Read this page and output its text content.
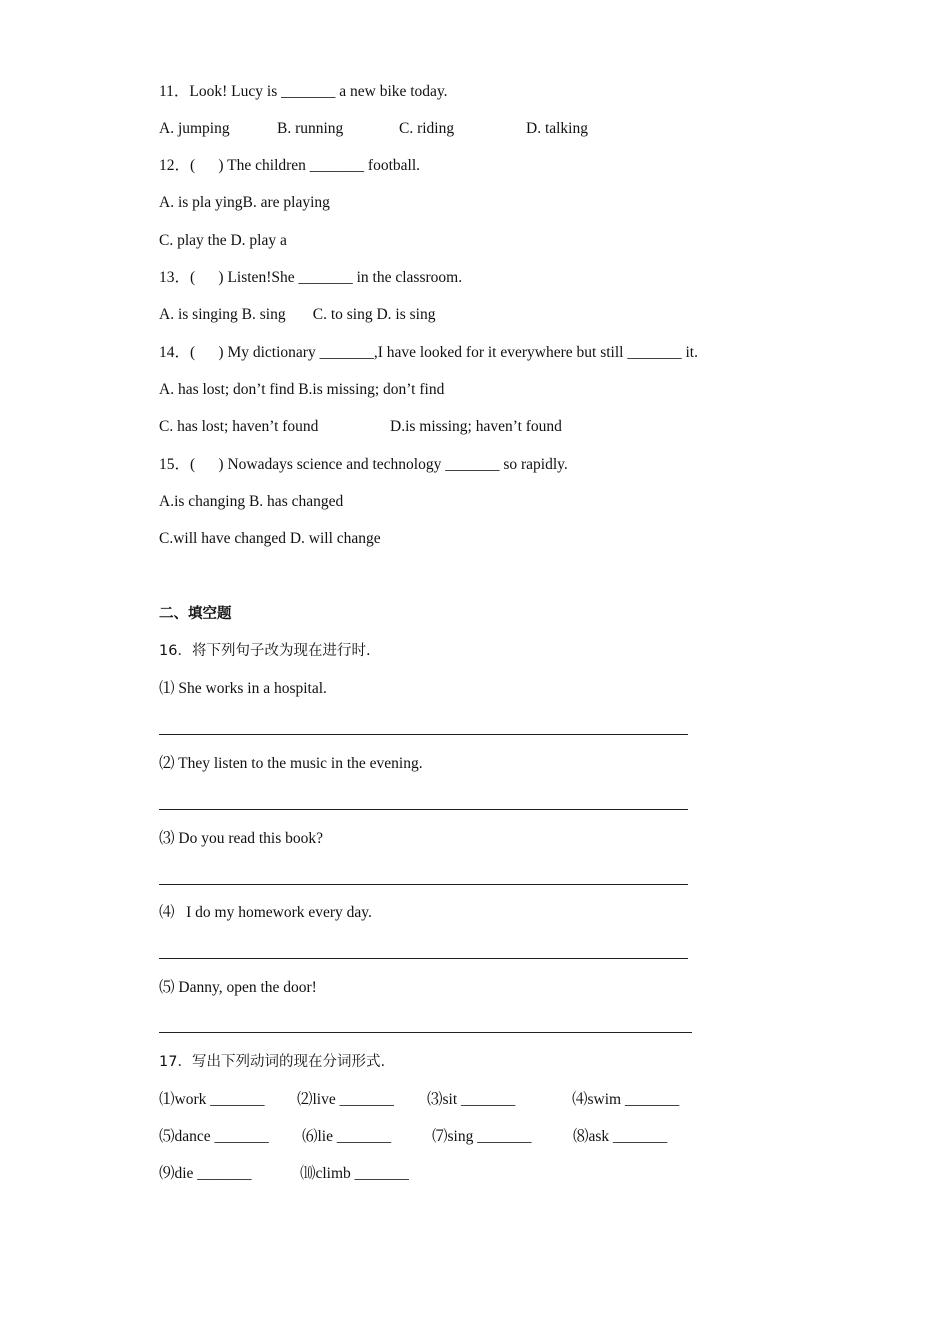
11．Look! Lucy is _______ a new bike today.
A. jumping	B. running	C. riding	D. talking
12．(      ) The children _______ football.
A. is pla yingB. are playing
C. play the D. play a
13．(      ) Listen!She _______ in the classroom.
A. is singing B. sing       C. to sing D. is sing
14．(      ) My dictionary _______,I have looked for it everywhere but still _______ it.
A. has lost; don’t find B.is missing; don’t find
C. has lost; haven’t found	D.is missing; haven’t found
15．(      ) Nowadays science and technology _______ so rapidly.
A.is changing B. has changed
C.will have changed D. will change
二、填空题
16．将下列句子改为现在进行时.
⑴ She works in a hospital.
⑵ They listen to the music in the evening.
⑶ Do you read this book?
⑷   I do my homework every day.
⑸ Danny, open the door!
17．写出下列动词的现在分词形式.
⑴work _______ ⑵live _______ ⑶sit _______	⑷swim _______
⑸dance _______ ⑹lie _______	⑺sing _______	⑻ask _______
⑼die _______	⑽climb _______
